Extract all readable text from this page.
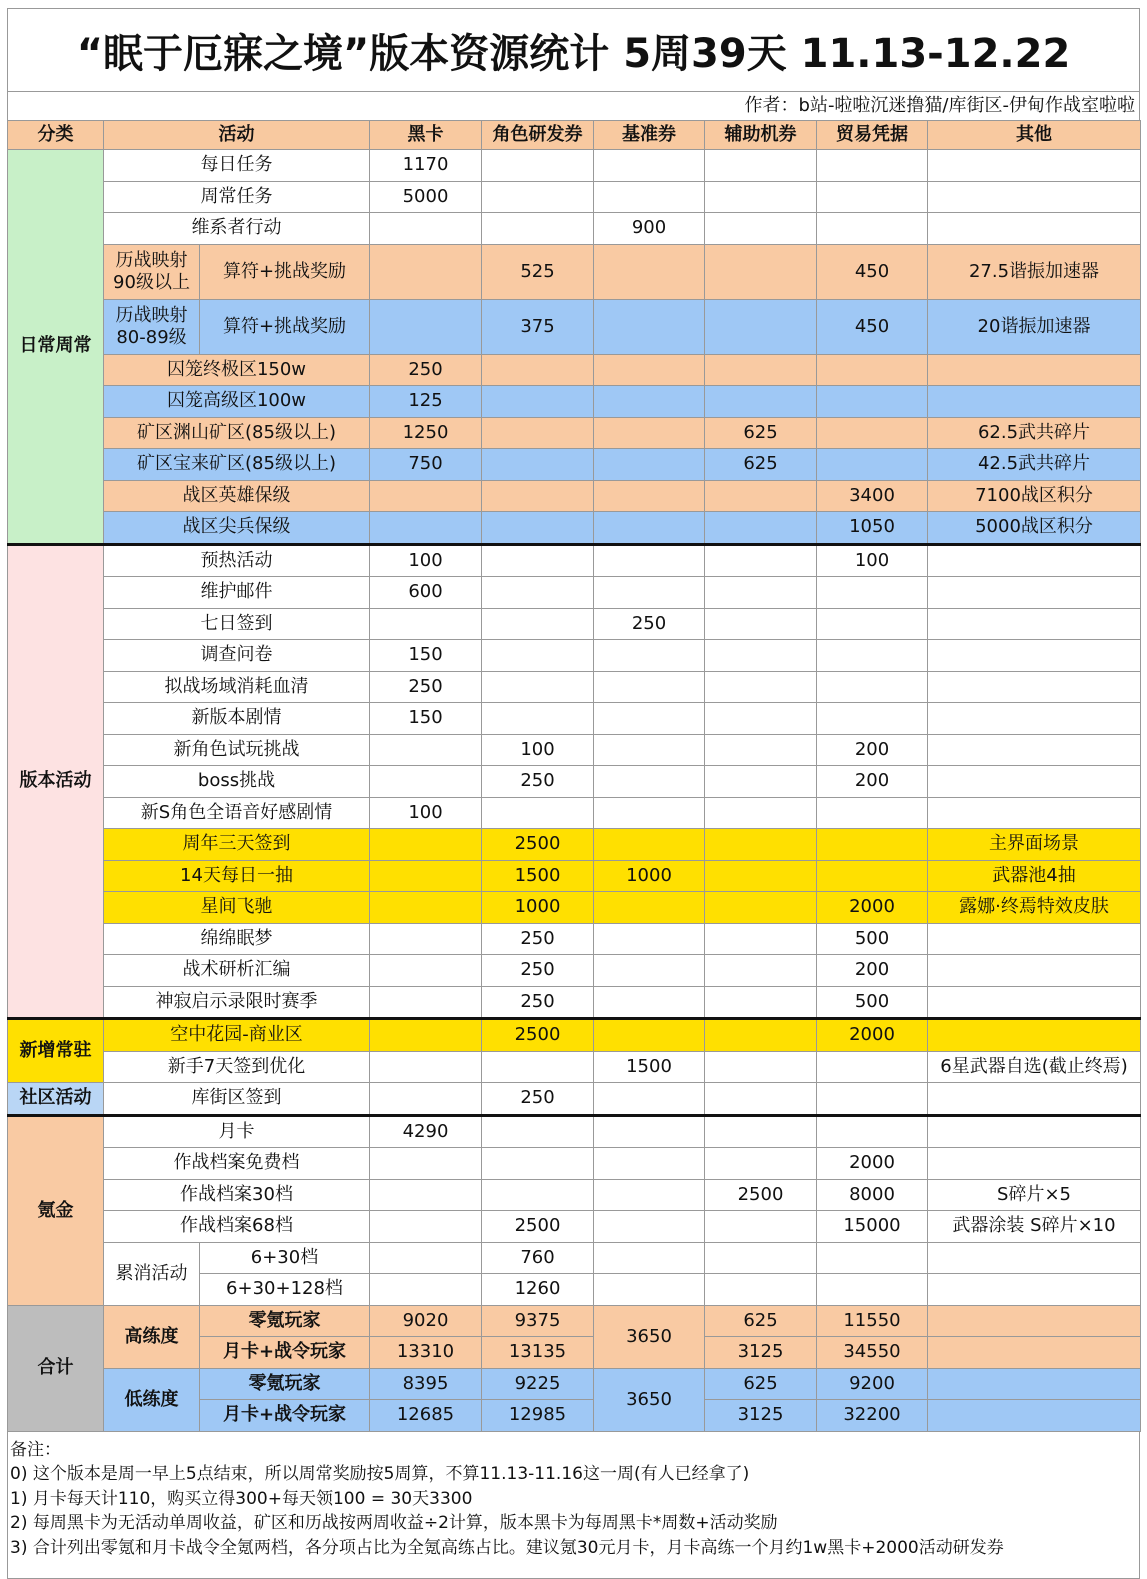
“眠于厄寐之境”版本资源统计 5周39天 11.13-12.22
作者：b站-啦啦沉迷撸猫/库街区-伊甸作战室啦啦
分类	活动		黑卡	角色研发券	基准券	辅助机券	贸易凭据	其他
日常周常	每日任务		1170					
	周常任务		5000					
	维系者行动				900			
	历战映射
90级以上	算符+挑战奖励		525			450	27.5谐振加速器
	历战映射
80-89级	算符+挑战奖励		375			450	20谐振加速器
	囚笼终极区150w		250					
	囚笼高级区100w		125					
	矿区渊山矿区(85级以上)		1250			625		62.5武共碎片
	矿区宝来矿区(85级以上)		750			625		42.5武共碎片
	战区英雄保级						3400	7100战区积分
	战区尖兵保级						1050	5000战区积分
版本活动	预热活动		100				100	
	维护邮件		600					
	七日签到				250			
	调查问卷		150					
	拟战场域消耗血清		250					
	新版本剧情		150					
	新角色试玩挑战			100			200	
	boss挑战			250			200	
	新S角色全语音好感剧情		100					
	周年三天签到			2500				主界面场景
	14天每日一抽			1500	1000			武器池4抽
	星间飞驰			1000			2000	露娜·终焉特效皮肤
	绵绵眠梦			250			500	
	战术研析汇编			250			200	
	神寂启示录限时赛季			250			500	
新增常驻	空中花园-商业区			2500			2000	
	新手7天签到优化				1500			6星武器自选(截止终焉)
社区活动	库街区签到			250				
氪金	月卡		4290					
	作战档案免费档						2000	
	作战档案30档					2500	8000	S碎片×5
	作战档案68档			2500			15000	武器涂装 S碎片×10
	累消活动	6+30档		760				
		6+30+128档		1260				
合计	高练度	零氪玩家	9020	9375	3650	625	11550	
		月卡+战令玩家	13310	13135		3125	34550	
	低练度	零氪玩家	8395	9225	3650	625	9200	
		月卡+战令玩家	12685	12985		3125	32200	
备注：
0) 这个版本是周一早上5点结束，所以周常奖励按5周算，不算11.13-11.16这一周(有人已经拿了)
1) 月卡每天计110，购买立得300+每天领100 = 30天3300
2) 每周黑卡为无活动单周收益，矿区和历战按两周收益÷2计算，版本黑卡为每周黑卡*周数+活动奖励
3) 合计列出零氪和月卡战令全氪两档，各分项占比为全氪高练占比。建议氪30元月卡，月卡高练一个月约1w黑卡+2000活动研发券
